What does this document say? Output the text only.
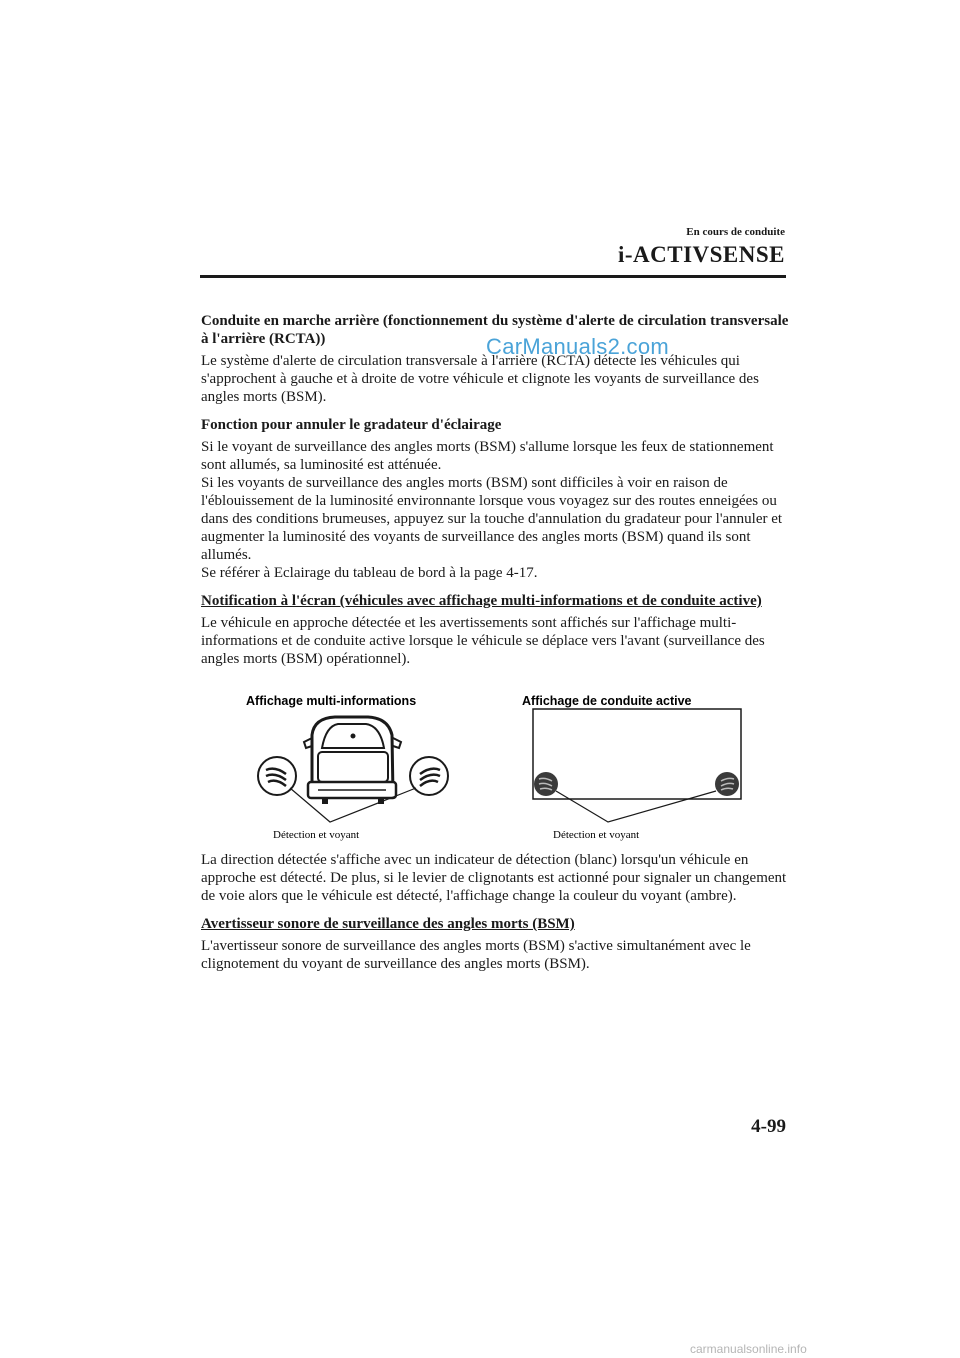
En cours de conduite
i-ACTIVSENSE
CarManuals2.com
Conduite en marche arrière (fonctionnement du système d'alerte de circulation transversale à l'arrière (RCTA))

Le système d'alerte de circulation transversale à l'arrière (RCTA) détecte les véhicules qui s'approchent à gauche et à droite de votre véhicule et clignote les voyants de surveillance des angles morts (BSM).

Fonction pour annuler le gradateur d'éclairage
Si le voyant de surveillance des angles morts (BSM) s'allume lorsque les feux de stationnement sont allumés, sa luminosité est atténuée.
Si les voyants de surveillance des angles morts (BSM) sont difficiles à voir en raison de l'éblouissement de la luminosité environnante lorsque vous voyagez sur des routes enneigées ou dans des conditions brumeuses, appuyez sur la touche d'annulation du gradateur pour l'annuler et augmenter la luminosité des voyants de surveillance des angles morts (BSM) quand ils sont allumés.
Se référer à Eclairage du tableau de bord à la page 4-17.
Notification à l'écran (véhicules avec affichage multi-informations et de conduite active)

Le véhicule en approche détectée et les avertissements sont affichés sur l'affichage multi-informations et de conduite active lorsque le véhicule se déplace vers l'avant (surveillance des angles morts (BSM) opérationnel).

Affichage multi-informations
Détection et voyant
Affichage de conduite active
Détection et voyant

La direction détectée s'affiche avec un indicateur de détection (blanc) lorsqu'un véhicule en approche est détecté. De plus, si le levier de clignotants est actionné pour signaler un changement de voie alors que le véhicule est détecté, l'affichage change la couleur du voyant (ambre).

Avertisseur sonore de surveillance des angles morts (BSM)

L'avertisseur sonore de surveillance des angles morts (BSM) s'active simultanément avec le clignotement du voyant de surveillance des angles morts (BSM).

4-99
carmanualsonline.info
